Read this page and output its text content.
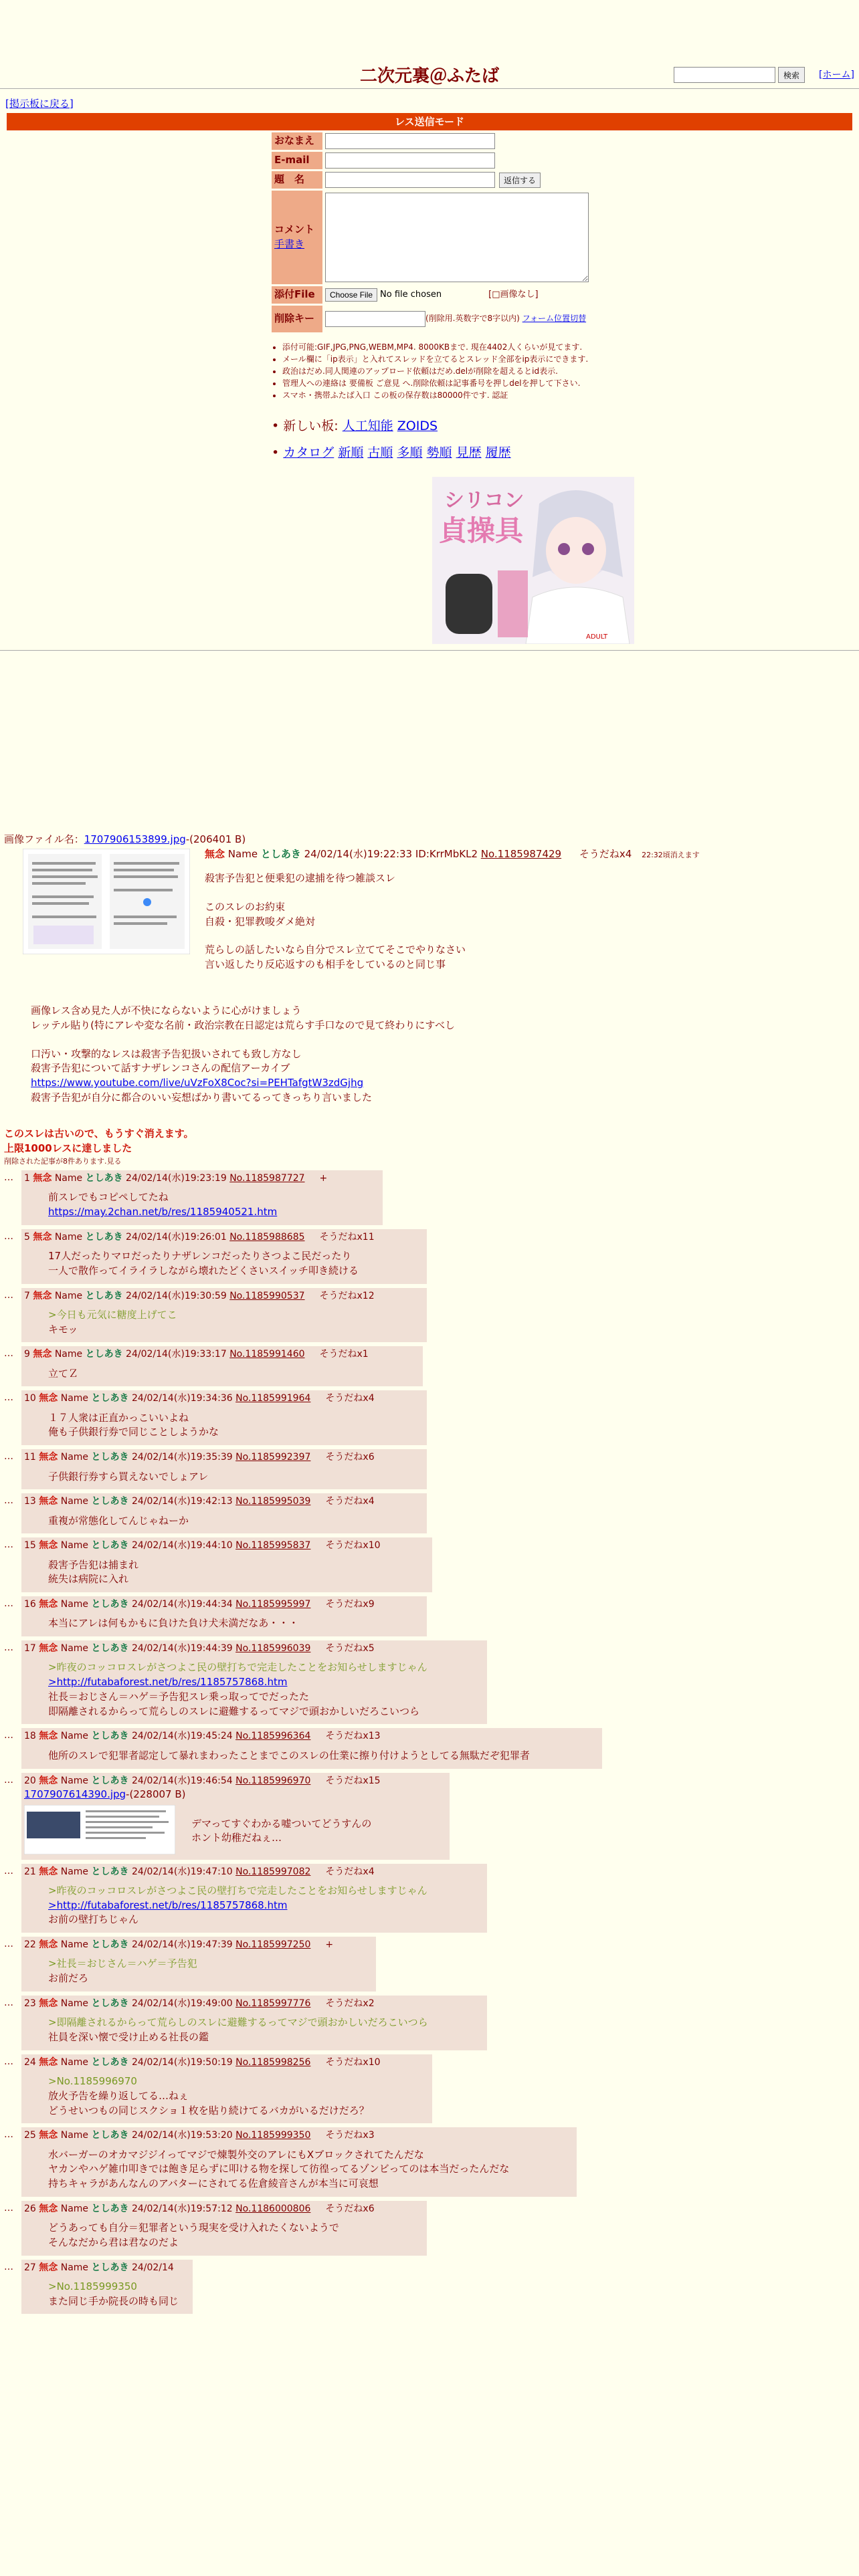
二次元裏＠ふたば	検索	[ホーム]
[掲示板に戻る]
レス送信モード
おなまえ
E-mail
題　名	返信する
コメント
手書き
添付File	Choose File No file chosen	[□画像なし]
削除キー	(削除用.英数字で8字以内)
フォーム位置 切替
• 添付可能:GIF,JPG,PNG,WEBM,MP4. 8000KBまで. 現在4402人くらいが見てます.
• メール欄に「ip表示」と入れてスレッドを立てるとスレッド全部をip表示にできます.
• 政治はだめ.同人関連のアップロード依頼はだめ.delが削除を超えるとid表示.
• 管理人への連絡は 要備板 ご意見 へ.削除依頼は記事番号を押しdelを押して下さい.
• スマホ・携帯ふたば入口 この板の保存数は80000件です. 認証
• 新しい板: 人工知能 ZOIDS
• カタログ 新順 古順 多順 勢順 見歴 履歴
シリコン
貞操具
ADULT
画像ファイル名：1707906153899.jpg-(206401 B)
無念 Name としあき 24/02/14(水)19:22:33 ID:KrrMbKL2 No.1185987429 そうだねx4 22:32頃消えます
殺害予告犯と便乗犯の逮捕を待つ雑談スレ
このスレのお約束
自殺・犯罪教唆ダメ絶対
荒らしの話したいなら自分でスレ立ててそこでやりなさい
言い返したり反応返すのも相手をしているのと同じ事
画像レス含め見た人が不快にならないように心がけましょう
レッテル貼り(特にアレや変な名前・政治宗教在日認定は荒らす手口なので見て終わりにすべし
口汚い・攻撃的なレスは殺害予告犯扱いされても致し方なし
殺害予告犯について話すナザレンコさんの配信アーカイブ
https://www.youtube.com/live/uVzFoX8Coc?si=PEHTafgtW3zdGjhg
殺害予告犯が自分に都合のいい妄想ばかり書いてるってきっちり言いました
このスレは古いので、もうすぐ消えます。
上限1000レスに達しました
削除された記事が8件あります.見る
…	1 無念 Name としあき 24/02/14(水)19:23:19 No.1185987727 +
前スレでもコピペしてたね
https://may.2chan.net/b/res/1185940521.htm
…	5 無念 Name としあき 24/02/14(水)19:26:01 No.1185988685 そうだねx11
17人だったりマロだったりナザレンコだったりさつよこ民だったり
一人で散作ってイライラしながら壊れたどくさいスイッチ叩き続ける
…	7 無念 Name としあき 24/02/14(水)19:30:59 No.1185990537 そうだねx12
>今日も元気に糖度上げてこ
キモッ
…	9 無念 Name としあき 24/02/14(水)19:33:17 No.1185991460 そうだねx1
立てＺ
…	10 無念 Name としあき 24/02/14(水)19:34:36 No.1185991964 そうだねx4
１７人衆は正直かっこいいよね
俺も子供銀行券で同じことしようかな
…	11 無念 Name としあき 24/02/14(水)19:35:39 No.1185992397 そうだねx6
子供銀行券すら買えないでしょアレ
…	13 無念 Name としあき 24/02/14(水)19:42:13 No.1185995039 そうだねx4
重複が常態化してんじゃねーか
…	15 無念 Name としあき 24/02/14(水)19:44:10 No.1185995837 そうだねx10
殺害予告犯は捕まれ
統失は病院に入れ
…	16 無念 Name としあき 24/02/14(水)19:44:34 No.1185995997 そうだねx9
本当にアレは何もかもに負けた負け犬未満だなあ・・・
…	17 無念 Name としあき 24/02/14(水)19:44:39 No.1185996039 そうだねx5
>昨夜のコッコロスレがさつよこ民の壁打ちで完走したことをお知らせしますじゃん
>http://futabaforest.net/b/res/1185757868.htm
社長＝おじさん＝ハゲ＝予告犯スレ乗っ取ってでだったた
即隔離されるからって荒らしのスレに避難するってマジで頭おかしいだろこいつら
…	18 無念 Name としあき 24/02/14(水)19:45:24 No.1185996364 そうだねx13
他所のスレで犯罪者認定して暴れまわったことまでこのスレの仕業に擦り付けようとしてる無駄だぞ犯罪者
…	20 無念 Name としあき 24/02/14(水)19:46:54 No.1185996970 そうだねx15
1707907614390.jpg-(228007 B)
デマってすぐわかる嘘ついてどうすんの
ホント幼稚だねぇ…
…	21 無念 Name としあき 24/02/14(水)19:47:10 No.1185997082 そうだねx4
>昨夜のコッコロスレがさつよこ民の壁打ちで完走したことをお知らせしますじゃん
>http://futabaforest.net/b/res/1185757868.htm
お前の壁打ちじゃん
…	22 無念 Name としあき 24/02/14(水)19:47:39 No.1185997250 +
>社長＝おじさん＝ハゲ＝予告犯
お前だろ
…	23 無念 Name としあき 24/02/14(水)19:49:00 No.1185997776 そうだねx2
>即隔離されるからって荒らしのスレに避難するってマジで頭おかしいだろこいつら
社員を深い懐で受け止める社長の鑑
…	24 無念 Name としあき 24/02/14(水)19:50:19 No.1185998256 そうだねx10
>No.1185996970
放火予告を繰り返してる…ねぇ
どうせいつもの同じスクショ１枚を貼り続けてるバカがいるだけだろ？
…	25 無念 Name としあき 24/02/14(水)19:53:20 No.1185999350 そうだねx3
水バーガーのオカマジジイってマジで煉製外交のアレにもXブロックされてたんだな
ヤカンやハゲ雑巾叩きでは飽き足らずに叩ける物を探して彷徨ってるゾンビってのは本当だったんだな
持ちキャラがあんなんのアバターにされてる佐倉綾音さんが本当に可哀想
…	26 無念 Name としあき 24/02/14(水)19:57:12 No.1186000806 そうだねx6
どうあっても自分＝犯罪者という現実を受け入れたくないようで
そんなだから君は君なのだよ
…	27 無念 Name としあき 24/02/14
>No.1185999350
また同じ手か院長の時も同じ
